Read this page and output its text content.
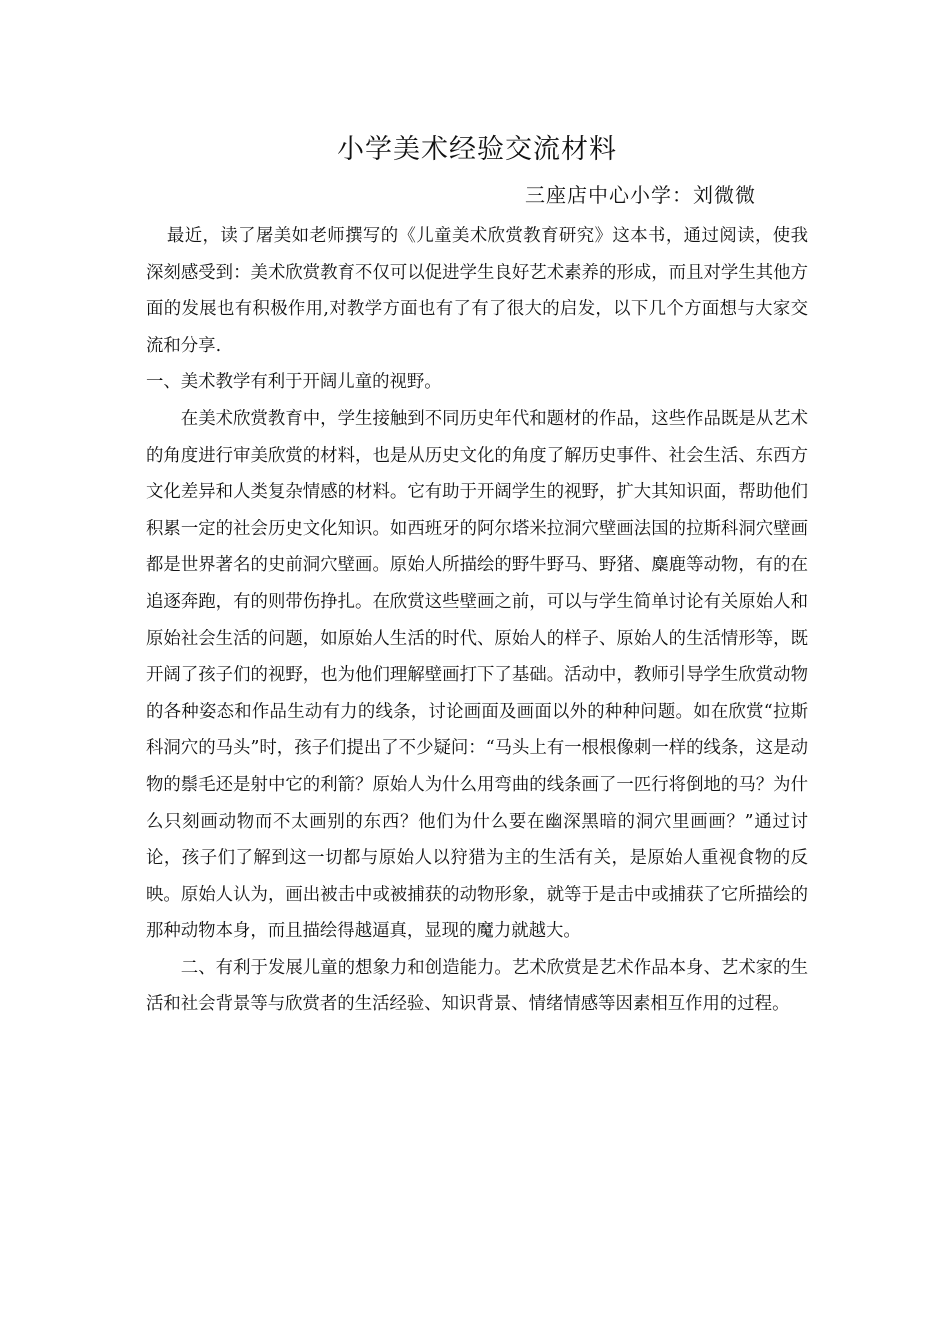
小学美术经验交流材料
三座店中心小学：刘微微

最近，读了屠美如老师撰写的《儿童美术欣赏教育研究》这本书，通过阅读，使我深刻感受到：美术欣赏教育不仅可以促进学生良好艺术素养的形成，而且对学生其他方面的发展也有积极作用,对教学方面也有了有了很大的启发，以下几个方面想与大家交流和分享.

一、美术教学有利于开阔儿童的视野。

在美术欣赏教育中，学生接触到不同历史年代和题材的作品，这些作品既是从艺术的角度进行审美欣赏的材料，也是从历史文化的角度了解历史事件、社会生活、东西方文化差异和人类复杂情感的材料。它有助于开阔学生的视野，扩大其知识面，帮助他们积累一定的社会历史文化知识。如西班牙的阿尔塔米拉洞穴壁画法国的拉斯科洞穴壁画都是世界著名的史前洞穴壁画。原始人所描绘的野牛野马、野猪、麋鹿等动物，有的在追逐奔跑，有的则带伤挣扎。在欣赏这些壁画之前，可以与学生简单讨论有关原始人和原始社会生活的问题，如原始人生活的时代、原始人的样子、原始人的生活情形等，既开阔了孩子们的视野，也为他们理解壁画打下了基础。活动中，教师引导学生欣赏动物的各种姿态和作品生动有力的线条，讨论画面及画面以外的种种问题。如在欣赏“拉斯科洞穴的马头”时，孩子们提出了不少疑问：“马头上有一根根像刺一样的线条，这是动物的鬃毛还是射中它的利箭？原始人为什么用弯曲的线条画了一匹行将倒地的马？为什么只刻画动物而不太画别的东西？他们为什么要在幽深黑暗的洞穴里画画？”通过讨论，孩子们了解到这一切都与原始人以狩猎为主的生活有关，是原始人重视食物的反映。原始人认为，画出被击中或被捕获的动物形象，就等于是击中或捕获了它所描绘的那种动物本身，而且描绘得越逼真，显现的魔力就越大。

二、有利于发展儿童的想象力和创造能力。艺术欣赏是艺术作品本身、艺术家的生活和社会背景等与欣赏者的生活经验、知识背景、情绪情感等因素相互作用的过程。
